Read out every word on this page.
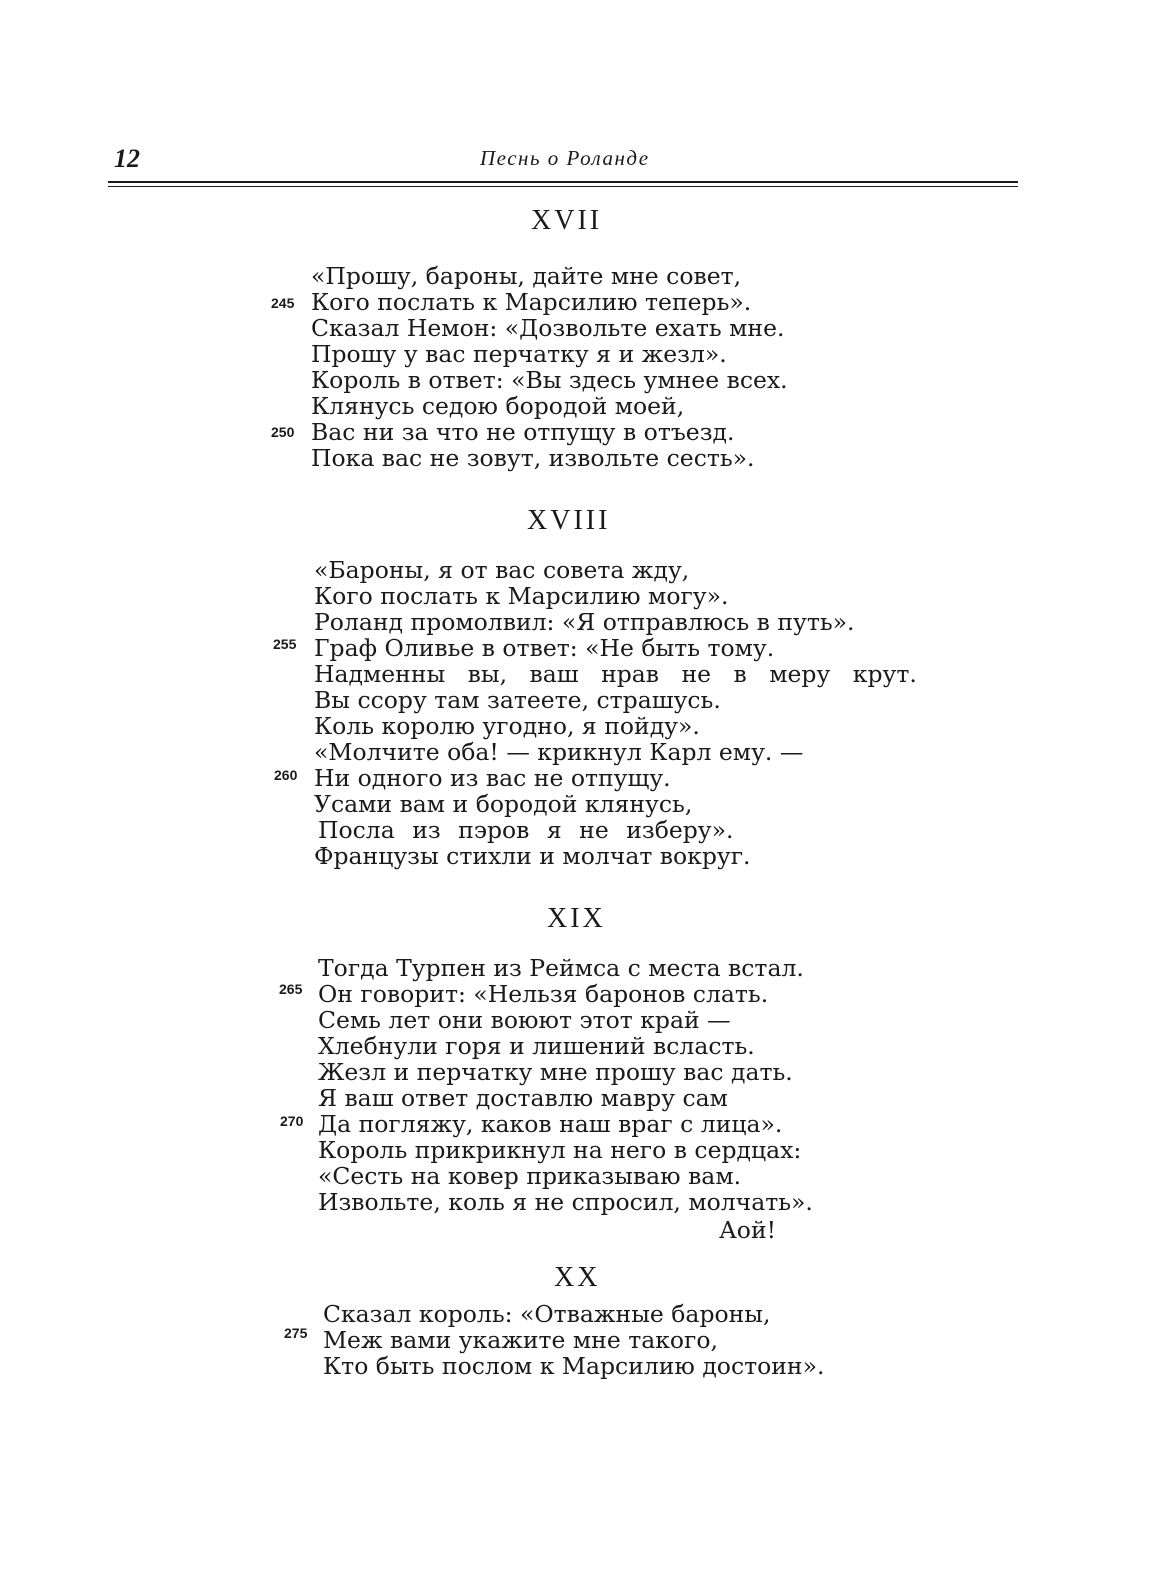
12	Песнь о Роланде
XVII
245
250
«Прошу, бароны, дайте мне совет,
Кого послать к Марсилию теперь».
Сказал Немон: «Дозвольте ехать мне.
Прошу у вас перчатку я и жезл».
Король в ответ: «Вы здесь умнее всех.
Клянусь седою бородой моей,
Вас ни за что не отпущу в отъезд.
Пока вас не зовут, извольте сесть».
XVIII
255
260
«Бароны, я от вас совета жду,
Кого послать к Марсилию могу».
Роланд промолвил: «Я отправлюсь в путь».
Граф Оливье в ответ: «Не быть тому.
Надменны вы, ваш нрав не в меру крут.
Вы ссору там затеете, страшусь.
Коль королю угодно, я пойду».
«Молчите оба! — крикнул Карл ему. —
Ни одного из вас не отпущу.
Усами вам и бородой клянусь,
Посла из пэров я не изберу».
Французы стихли и молчат вокруг.
XIX
265
270
Тогда Турпен из Реймса с места встал.
Он говорит: «Нельзя баронов слать.
Семь лет они воюют этот край —
Хлебнули горя и лишений всласть.
Жезл и перчатку мне прошу вас дать.
Я ваш ответ доставлю мавру сам
Да погляжу, каков наш враг с лица».
Король прикрикнул на него в сердцах:
«Сесть на ковер приказываю вам.
Извольте, коль я не спросил, молчать».
Аой!
XX
275
Сказал король: «Отважные бароны,
Меж вами укажите мне такого,
Кто быть послом к Марсилию достоин».
